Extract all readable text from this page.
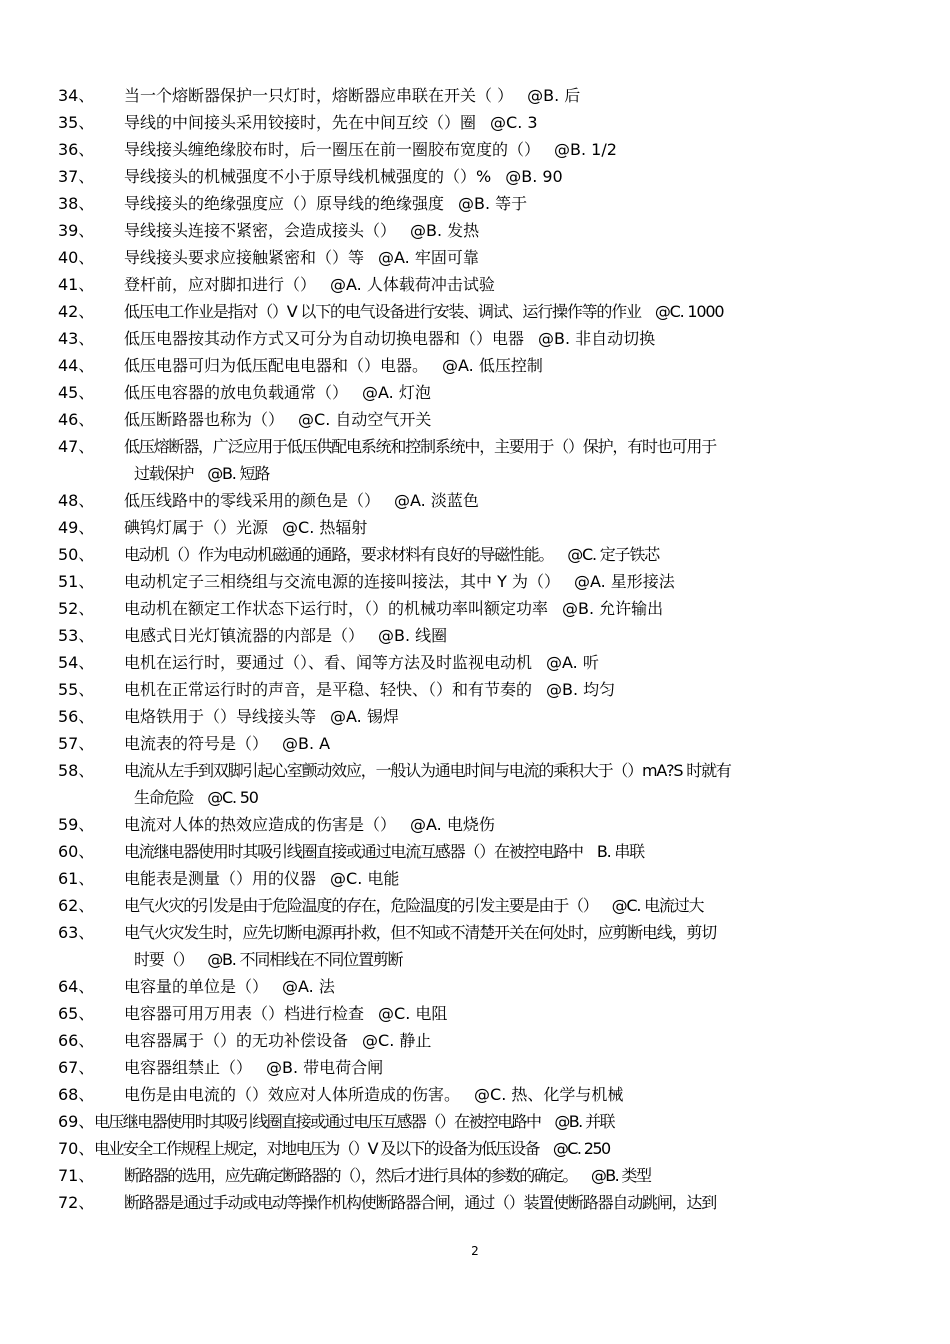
34、	当一个熔断器保护一只灯时，熔断器应串联在开关（ ） @B. 后
35、	导线的中间接头采用铰接时，先在中间互绞（）圈 @C. 3
36、	导线接头缠绝缘胶布时，后一圈压在前一圈胶布宽度的（） @B. 1/2
37、	导线接头的机械强度不小于原导线机械强度的（）% @B. 90
38、	导线接头的绝缘强度应（）原导线的绝缘强度 @B. 等于
39、	导线接头连接不紧密，会造成接头（） @B. 发热
40、	导线接头要求应接触紧密和（）等 @A. 牢固可靠
41、	登杆前，应对脚扣进行（） @A. 人体载荷冲击试验
42、	低压电工作业是指对（）V 以下的电气设备进行安装、调试、运行操作等的作业 @C. 1000
43、	低压电器按其动作方式又可分为自动切换电器和（）电器 @B. 非自动切换
44、	低压电器可归为低压配电电器和（）电器。 @A. 低压控制
45、	低压电容器的放电负载通常（） @A. 灯泡
46、	低压断路器也称为（） @C. 自动空气开关
47、	低压熔断器，广泛应用于低压供配电系统和控制系统中，主要用于（）保护，有时也可用于
过载保护 @B. 短路
48、	低压线路中的零线采用的颜色是（） @A. 淡蓝色
49、	碘钨灯属于（）光源 @C. 热辐射
50、	电动机（）作为电动机磁通的通路，要求材料有良好的导磁性能。 @C. 定子铁芯
51、	电动机定子三相绕组与交流电源的连接叫接法，其中 Y 为（） @A. 星形接法
52、	电动机在额定工作状态下运行时，（）的机械功率叫额定功率 @B. 允许输出
53、	电感式日光灯镇流器的内部是（） @B. 线圈
54、	电机在运行时，要通过（）、看、闻等方法及时监视电动机 @A. 听
55、	电机在正常运行时的声音，是平稳、轻快、（）和有节奏的 @B. 均匀
56、	电烙铁用于（）导线接头等 @A. 锡焊
57、	电流表的符号是（） @B. A
58、	电流从左手到双脚引起心室颤动效应，一般认为通电时间与电流的乘积大于（）mA?S 时就有
生命危险 @C. 50
59、	电流对人体的热效应造成的伤害是（） @A. 电烧伤
60、	电流继电器使用时其吸引线圈直接或通过电流互感器（）在被控电路中 B. 串联
61、	电能表是测量（）用的仪器 @C. 电能
62、	电气火灾的引发是由于危险温度的存在，危险温度的引发主要是由于（） @C. 电流过大
63、	电气火灾发生时，应先切断电源再扑救，但不知或不清楚开关在何处时，应剪断电线，剪切
时要（） @B. 不同相线在不同位置剪断
64、	电容量的单位是（） @A. 法
65、	电容器可用万用表（）档进行检查 @C. 电阻
66、	电容器属于（）的无功补偿设备 @C. 静止
67、	电容器组禁止（） @B. 带电荷合闸
68、	电伤是由电流的（）效应对人体所造成的伤害。 @C. 热、化学与机械
69、 电压继电器使用时其吸引线圈直接或通过电压互感器（）在被控电路中 @B. 并联
70、 电业安全工作规程上规定，对地电压为（）V 及以下的设备为低压设备 @C. 250
71、	断路器的选用，应先确定断路器的（），然后才进行具体的参数的确定。 @B. 类型
72、	断路器是通过手动或电动等操作机构使断路器合闸，通过（）装置使断路器自动跳闸，达到
2
